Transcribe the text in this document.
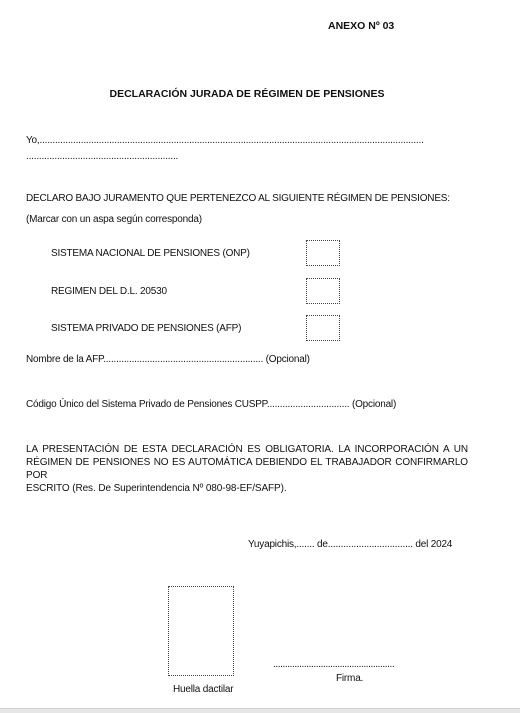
ANEXO Nº 03
DECLARACIÓN JURADA DE RÉGIMEN DE PENSIONES
Yo,.....................................................................................................................................................
...........................................................
DECLARO BAJO JURAMENTO QUE PERTENEZCO AL SIGUIENTE RÉGIMEN DE PENSIONES:
(Marcar con un aspa según corresponda)
SISTEMA NACIONAL DE PENSIONES (ONP)
REGIMEN DEL D.L. 20530
SISTEMA PRIVADO DE PENSIONES (AFP)
Nombre de la AFP.............................................................. (Opcional)
Código Único del Sistema Privado de Pensiones CUSPP................................ (Opcional)
LA PRESENTACIÓN DE ESTA DECLARACIÓN ES OBLIGATORIA. LA INCORPORACIÓN A UN
RÉGIMEN DE PENSIONES NO ES AUTOMÁTICA DEBIENDO EL TRABAJADOR CONFIRMARLO POR
ESCRITO (Res. De Superintendencia Nº 080-98-EF/SAFP).
Yuyapichis,....... de................................. del 2024
Huella dactilar
...................................................
Firma.
